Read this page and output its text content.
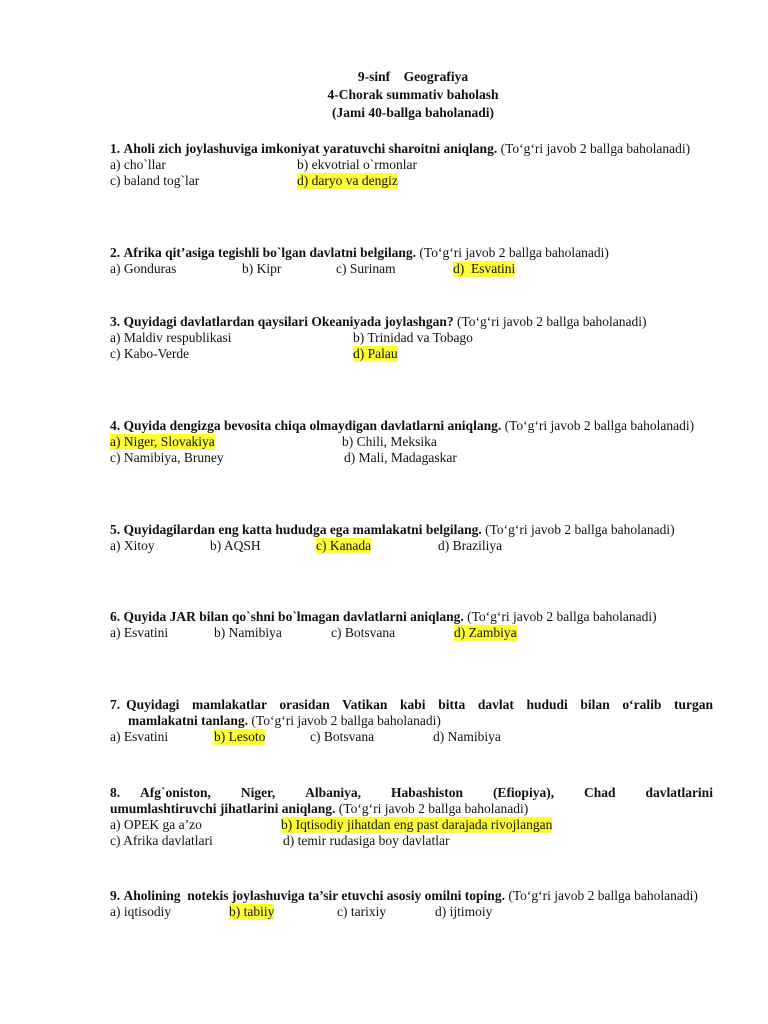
9-sinf    Geografiya
4-Chorak summativ baholash
(Jami 40-ballga baholanadi)
1. Aholi zich joylashuviga imkoniyat yaratuvchi sharoitni aniqlang. (To‘g‘ri javob 2 ballga baholanadi)
a) cho`llar	b) ekvotrial o`rmonlar
c) baland tog`lar	d) daryo va dengiz
2. Afrika qit’asiga tegishli bo`lgan davlatni belgilang. (To‘g‘ri javob 2 ballga baholanadi)
a) Gonduras	b) Kipr	c) Surinam	d)  Esvatini
3. Quyidagi davlatlardan qaysilari Okeaniyada joylashgan? (To‘g‘ri javob 2 ballga baholanadi)
a) Maldiv respublikasi	b) Trinidad va Tobago
c) Kabo-Verde	d) Palau
4. Quyida dengizga bevosita chiqa olmaydigan davlatlarni aniqlang. (To‘g‘ri javob 2 ballga baholanadi)
a) Niger, Slovakiya	b) Chili, Meksika
c) Namibiya, Bruney	d) Mali, Madagaskar
5. Quyidagilardan eng katta hududga ega mamlakatni belgilang. (To‘g‘ri javob 2 ballga baholanadi)
a) Xitoy	b) AQSH	c) Kanada	d) Braziliya
6. Quyida JAR bilan qo`shni bo`lmagan davlatlarni aniqlang. (To‘g‘ri javob 2 ballga baholanadi)
a) Esvatini	b) Namibiya	c) Botsvana	d) Zambiya
7. Quyidagi mamlakatlar orasidan Vatikan kabi bitta davlat hududi bilan o‘ralib turgan
mamlakatni tanlang. (To‘g‘ri javob 2 ballga baholanadi)
a) Esvatini	b) Lesoto	c) Botsvana	d) Namibiya
8. Afg`oniston, Niger, Albaniya, Habashiston (Efiopiya), Chad davlatlarini
umumlashtiruvchi jihatlarini aniqlang. (To‘g‘ri javob 2 ballga baholanadi)
a) OPEK ga a’zo	b) Iqtisodiy jihatdan eng past darajada rivojlangan
c) Afrika davlatlari	d) temir rudasiga boy davlatlar
9. Aholining  notekis joylashuviga ta’sir etuvchi asosiy omilni toping. (To‘g‘ri javob 2 ballga baholanadi)
a) iqtisodiy	b) tabiiy	c) tarixiy	d) ijtimoiy
